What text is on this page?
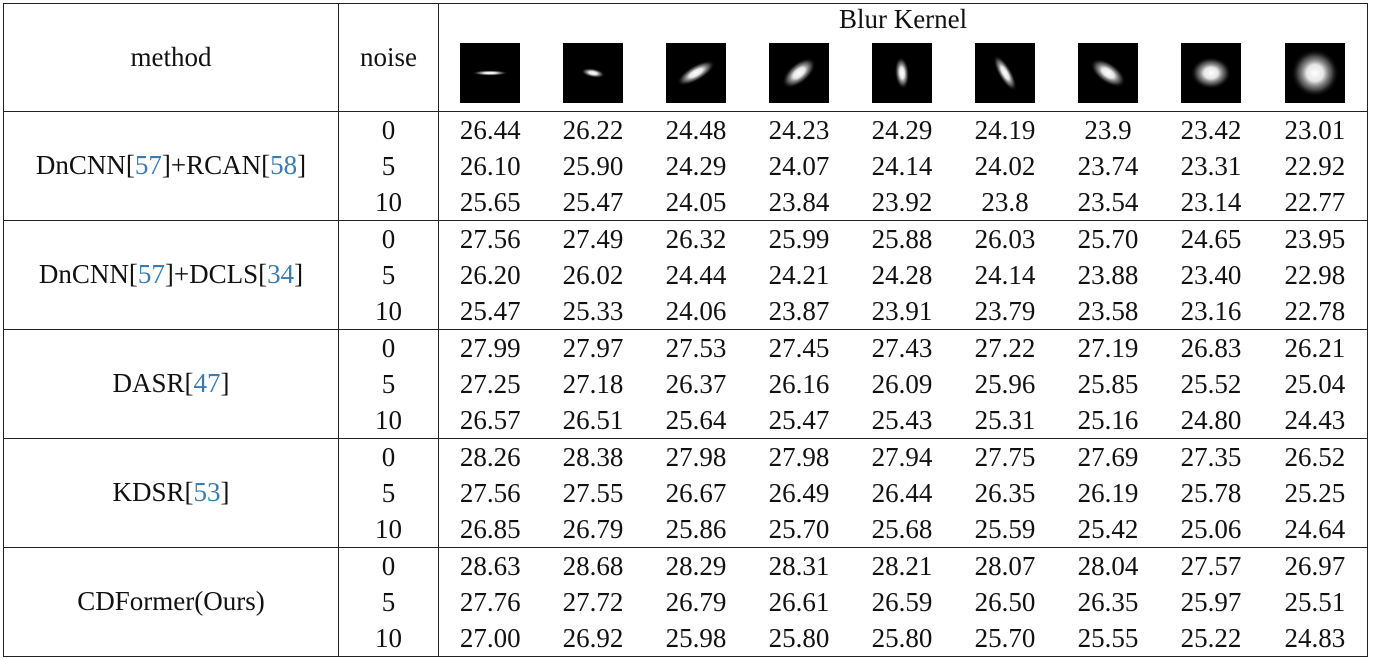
method	noise	Blur Kernel								

DnCNN[57]+RCAN[58]	0	26.44	26.22	24.48	24.23	24.29	24.19	23.9	23.42	23.01
	5	26.10	25.90	24.29	24.07	24.14	24.02	23.74	23.31	22.92
	10	25.65	25.47	24.05	23.84	23.92	23.8	23.54	23.14	22.77
DnCNN[57]+DCLS[34]	0	27.56	27.49	26.32	25.99	25.88	26.03	25.70	24.65	23.95
	5	26.20	26.02	24.44	24.21	24.28	24.14	23.88	23.40	22.98
	10	25.47	25.33	24.06	23.87	23.91	23.79	23.58	23.16	22.78
DASR[47]	0	27.99	27.97	27.53	27.45	27.43	27.22	27.19	26.83	26.21
	5	27.25	27.18	26.37	26.16	26.09	25.96	25.85	25.52	25.04
	10	26.57	26.51	25.64	25.47	25.43	25.31	25.16	24.80	24.43
KDSR[53]	0	28.26	28.38	27.98	27.98	27.94	27.75	27.69	27.35	26.52
	5	27.56	27.55	26.67	26.49	26.44	26.35	26.19	25.78	25.25
	10	26.85	26.79	25.86	25.70	25.68	25.59	25.42	25.06	24.64
CDFormer(Ours)	0	28.63	28.68	28.29	28.31	28.21	28.07	28.04	27.57	26.97
	5	27.76	27.72	26.79	26.61	26.59	26.50	26.35	25.97	25.51
	10	27.00	26.92	25.98	25.80	25.80	25.70	25.55	25.22	24.83
